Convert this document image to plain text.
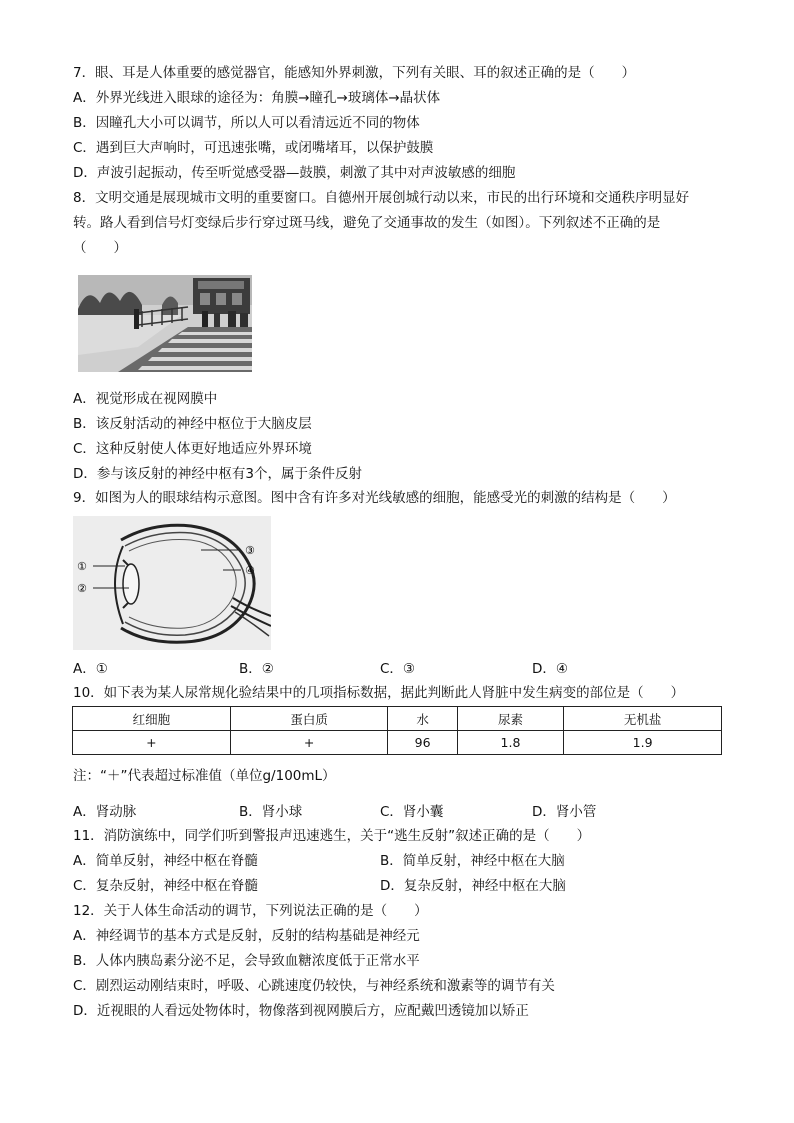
7．眼、耳是人体重要的感觉器官，能感知外界刺激，下列有关眼、耳的叙述正确的是（　　）
A．外界光线进入眼球的途径为：角膜→瞳孔→玻璃体→晶状体
B．因瞳孔大小可以调节，所以人可以看清远近不同的物体
C．遇到巨大声响时，可迅速张嘴，或闭嘴堵耳，以保护鼓膜
D．声波引起振动，传至听觉感受器—鼓膜，刺激了其中对声波敏感的细胞
8．文明交通是展现城市文明的重要窗口。自德州开展创城行动以来，市民的出行环境和交通秩序明显好
转。路人看到信号灯变绿后步行穿过斑马线，避免了交通事故的发生（如图）。下列叙述不正确的是
（　　）
A．视觉形成在视网膜中
B．该反射活动的神经中枢位于大脑皮层
C．这种反射使人体更好地适应外界环境
D．参与该反射的神经中枢有3个，属于条件反射
9．如图为人的眼球结构示意图。图中含有许多对光线敏感的细胞，能感受光的刺激的结构是（　　）
①
②
③
④
A．①	B．②	C．③	D．④
10．如下表为某人尿常规化验结果中的几项指标数据，据此判断此人肾脏中发生病变的部位是（　　）
红细胞	蛋白质	水	尿素	无机盐
+	+	96	1.8	1.9
注：“＋”代表超过标准值（单位g/100mL）
A．肾动脉	B．肾小球	C．肾小囊	D．肾小管
11．消防演练中，同学们听到警报声迅速逃生，关于“逃生反射”叙述正确的是（　　）
A．简单反射，神经中枢在脊髓	B．简单反射，神经中枢在大脑
C．复杂反射，神经中枢在脊髓	D．复杂反射，神经中枢在大脑
12．关于人体生命活动的调节，下列说法正确的是（　　）
A．神经调节的基本方式是反射，反射的结构基础是神经元
B．人体内胰岛素分泌不足，会导致血糖浓度低于正常水平
C．剧烈运动刚结束时，呼吸、心跳速度仍较快，与神经系统和激素等的调节有关
D．近视眼的人看远处物体时，物像落到视网膜后方，应配戴凹透镜加以矫正
